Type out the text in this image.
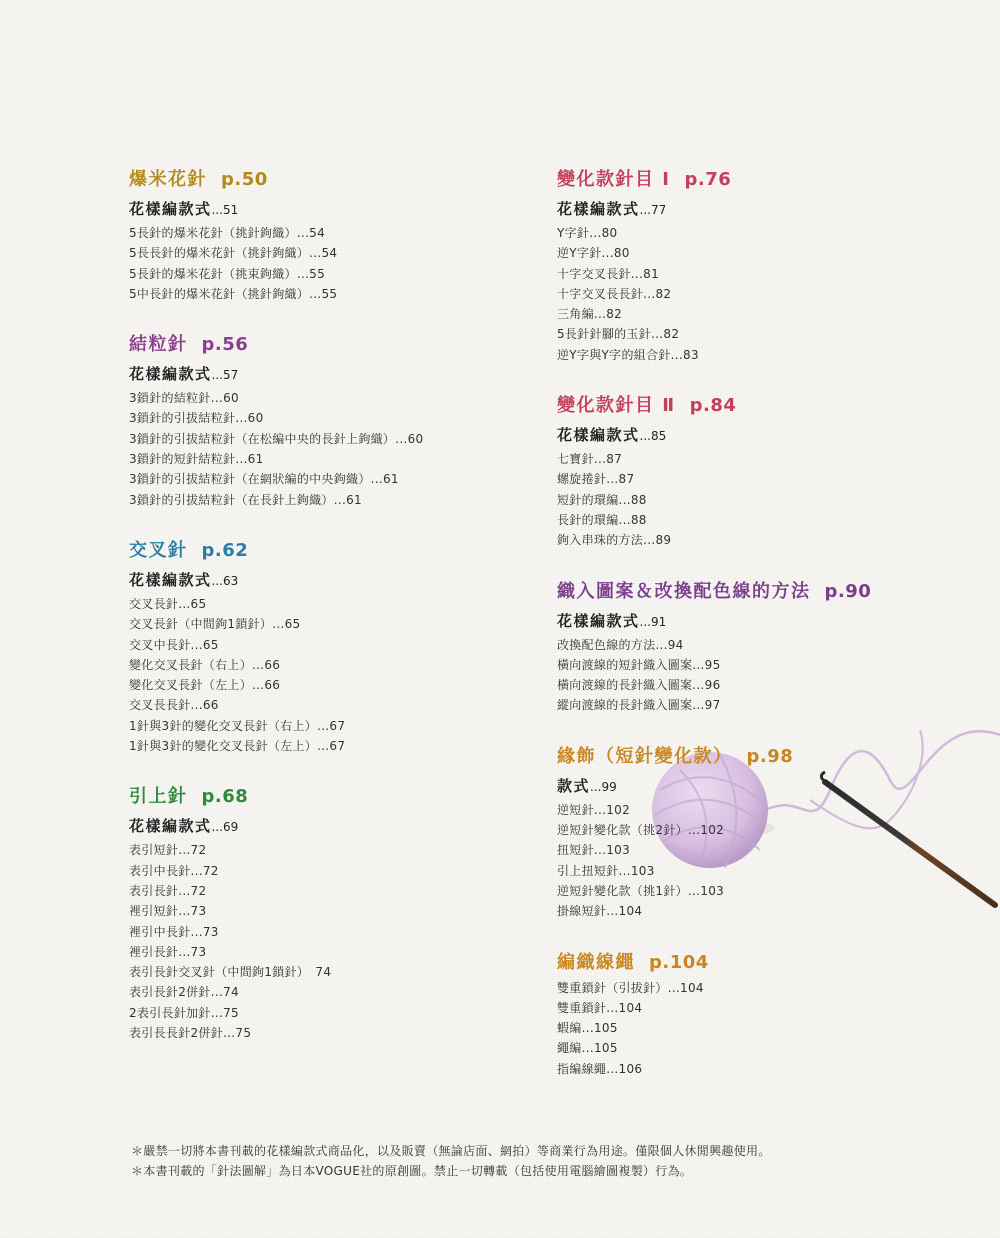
爆米花針 p.50
花樣編款式...51
5長針的爆米花針（挑針鉤織）...54
5長長針的爆米花針（挑針鉤織）...54
5長針的爆米花針（挑束鉤織）...55
5中長針的爆米花針（挑針鉤織）...55
結粒針 p.56
花樣編款式...57
3鎖針的結粒針...60
3鎖針的引拔結粒針...60
3鎖針的引拔結粒針（在松編中央的長針上鉤織）...60
3鎖針的短針結粒針...61
3鎖針的引拔結粒針（在網狀編的中央鉤織）...61
3鎖針的引拔結粒針（在長針上鉤織）...61
交叉針 p.62
花樣編款式...63
交叉長針...65
交叉長針（中間鉤1鎖針）...65
交叉中長針...65
變化交叉長針（右上）...66
變化交叉長針（左上）...66
交叉長長針...66
1針與3針的變化交叉長針（右上）...67
1針與3針的變化交叉長針（左上）...67
引上針 p.68
花樣編款式...69
表引短針...72
表引中長針...72
表引長針...72
裡引短針...73
裡引中長針...73
裡引長針...73
表引長針交叉針（中間鉤1鎖針）　74
表引長針2併針...74
2表引長針加針...75
表引長長針2併針...75
變化款針目 Ⅰ p.76
花樣編款式...77
Y字針...80
逆Y字針...80
十字交叉長針...81
十字交叉長長針...82
三角編...82
5長針針腳的玉針...82
逆Y字與Y字的組合針...83
變化款針目 Ⅱ p.84
花樣編款式...85
七寶針...87
螺旋捲針...87
短針的環編...88
長針的環編...88
鉤入串珠的方法...89
織入圖案＆改換配色線的方法 p.90
花樣編款式...91
改換配色線的方法...94
橫向渡線的短針織入圖案...95
橫向渡線的長針織入圖案...96
縱向渡線的長針織入圖案...97
緣飾（短針變化款） p.98
款式...99
逆短針...102
逆短針變化款（挑2針）...102
扭短針...103
引上扭短針...103
逆短針變化款（挑1針）...103
掛線短針...104
編織線繩 p.104
雙重鎖針（引拔針）...104
雙重鎖針...104
蝦編...105
繩編...105
指編線繩...106
＊嚴禁一切將本書刊載的花樣編款式商品化，以及販賣（無論店面、網拍）等商業行為用途。僅限個人休閒興趣使用。
＊本書刊載的「針法圖解」為日本VOGUE社的原創圖。禁止一切轉載（包括使用電腦繪圖複製）行為。
